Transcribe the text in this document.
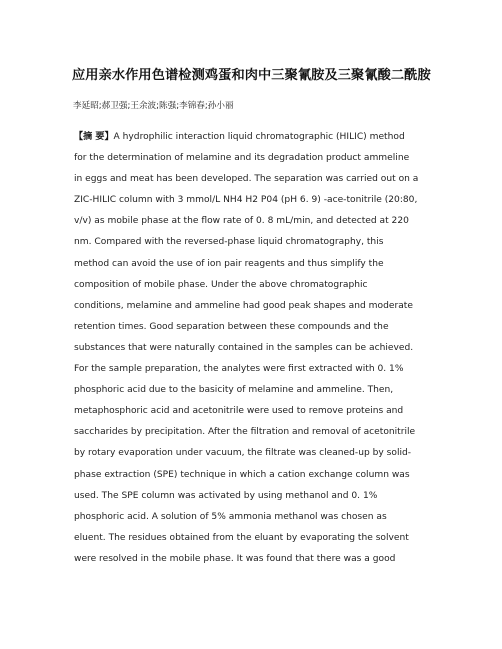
应用亲水作用色谱检测鸡蛋和肉中三聚氰胺及三聚氰酸二酰胺
李延昭;郝卫强;王余波;陈强;李锦春;孙小丽
【摘 要】A hydrophilic interaction liquid chromatographic (HILIC) method
for the determination of melamine and its degradation product ammeline
in eggs and meat has been developed. The separation was carried out on a
ZIC-HILIC column with 3 mmol/L NH4 H2 P04 (pH 6. 9) -ace-tonitrile (20:80,
v/v) as mobile phase at the flow rate of 0. 8 mL/min, and detected at 220
nm. Compared with the reversed-phase liquid chromatography, this
method can avoid the use of ion pair reagents and thus simplify the
composition of mobile phase. Under the above chromatographic
conditions, melamine and ammeline had good peak shapes and moderate
retention times. Good separation between these compounds and the
substances that were naturally contained in the samples can be achieved.
For the sample preparation, the analytes were first extracted with 0. 1%
phosphoric acid due to the basicity of melamine and ammeline. Then,
metaphosphoric acid and acetonitrile were used to remove proteins and
saccharides by precipitation. After the filtration and removal of acetonitrile
by rotary evaporation under vacuum, the filtrate was cleaned-up by solid-
phase extraction (SPE) technique in which a cation exchange column was
used. The SPE column was activated by using methanol and 0. 1%
phosphoric acid. A solution of 5% ammonia methanol was chosen as
eluent. The residues obtained from the eluant by evaporating the solvent
were resolved in the mobile phase. It was found that there was a good
